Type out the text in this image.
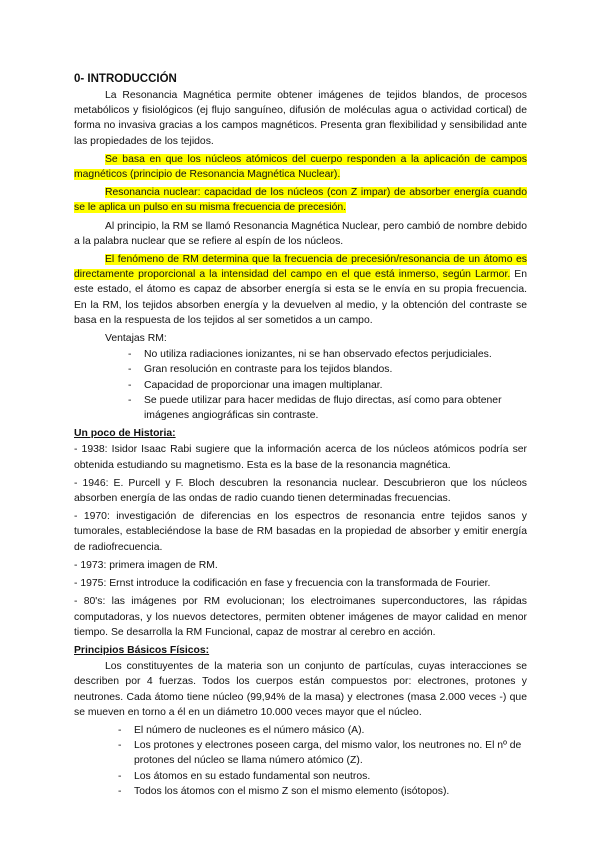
0- INTRODUCCIÓN

La Resonancia Magnética permite obtener imágenes de tejidos blandos, de procesos metabólicos y fisiológicos (ej flujo sanguíneo, difusión de moléculas agua o actividad cortical) de forma no invasiva gracias a los campos magnéticos. Presenta gran flexibilidad y sensibilidad ante las propiedades de los tejidos.

Se basa en que los núcleos atómicos del cuerpo responden a la aplicación de campos magnéticos (principio de Resonancia Magnética Nuclear).

Resonancia nuclear: capacidad de los núcleos (con Z impar) de absorber energía cuando se le aplica un pulso en su misma frecuencia de precesión.

Al principio, la RM se llamó Resonancia Magnética Nuclear, pero cambió de nombre debido a la palabra nuclear que se refiere al espín de los núcleos.

El fenómeno de RM determina que la frecuencia de precesión/resonancia de un átomo es directamente proporcional a la intensidad del campo en el que está inmerso, según Larmor. En este estado, el átomo es capaz de absorber energía si esta se le envía en su propia frecuencia. En la RM, los tejidos absorben energía y la devuelven al medio, y la obtención del contraste se basa en la respuesta de los tejidos al ser sometidos a un campo.

Ventajas RM:
- No utiliza radiaciones ionizantes, ni se han observado efectos perjudiciales.
- Gran resolución en contraste para los tejidos blandos.
- Capacidad de proporcionar una imagen multiplanar.
- Se puede utilizar para hacer medidas de flujo directas, así como para obtener imágenes angiográficas sin contraste.
Un poco de Historia:

- 1938: Isidor Isaac Rabi sugiere que la información acerca de los núcleos atómicos podría ser obtenida estudiando su magnetismo. Esta es la base de la resonancia magnética.

- 1946: E. Purcell y F. Bloch descubren la resonancia nuclear. Descubrieron que los núcleos absorben energía de las ondas de radio cuando tienen determinadas frecuencias.

- 1970: investigación de diferencias en los espectros de resonancia entre tejidos sanos y tumorales, estableciéndose la base de RM basadas en la propiedad de absorber y emitir energía de radiofrecuencia.

- 1973: primera imagen de RM.

- 1975: Ernst introduce la codificación en fase y frecuencia con la transformada de Fourier.

- 80's: las imágenes por RM evolucionan; los electroimanes superconductores, las rápidas computadoras, y los nuevos detectores, permiten obtener imágenes de mayor calidad en menor tiempo. Se desarrolla la RM Funcional, capaz de mostrar al cerebro en acción.

Principios Básicos Físicos:

Los constituyentes de la materia son un conjunto de partículas, cuyas interacciones se describen por 4 fuerzas. Todos los cuerpos están compuestos por: electrones, protones y neutrones. Cada átomo tiene núcleo (99,94% de la masa) y electrones (masa 2.000 veces -) que se mueven en torno a él en un diámetro 10.000 veces mayor que el núcleo.

- El número de nucleones es el número másico (A).
- Los protones y electrones poseen carga, del mismo valor, los neutrones no. El nº de protones del núcleo se llama número atómico (Z).
- Los átomos en su estado fundamental son neutros.
- Todos los átomos con el mismo Z son el mismo elemento (isótopos).
